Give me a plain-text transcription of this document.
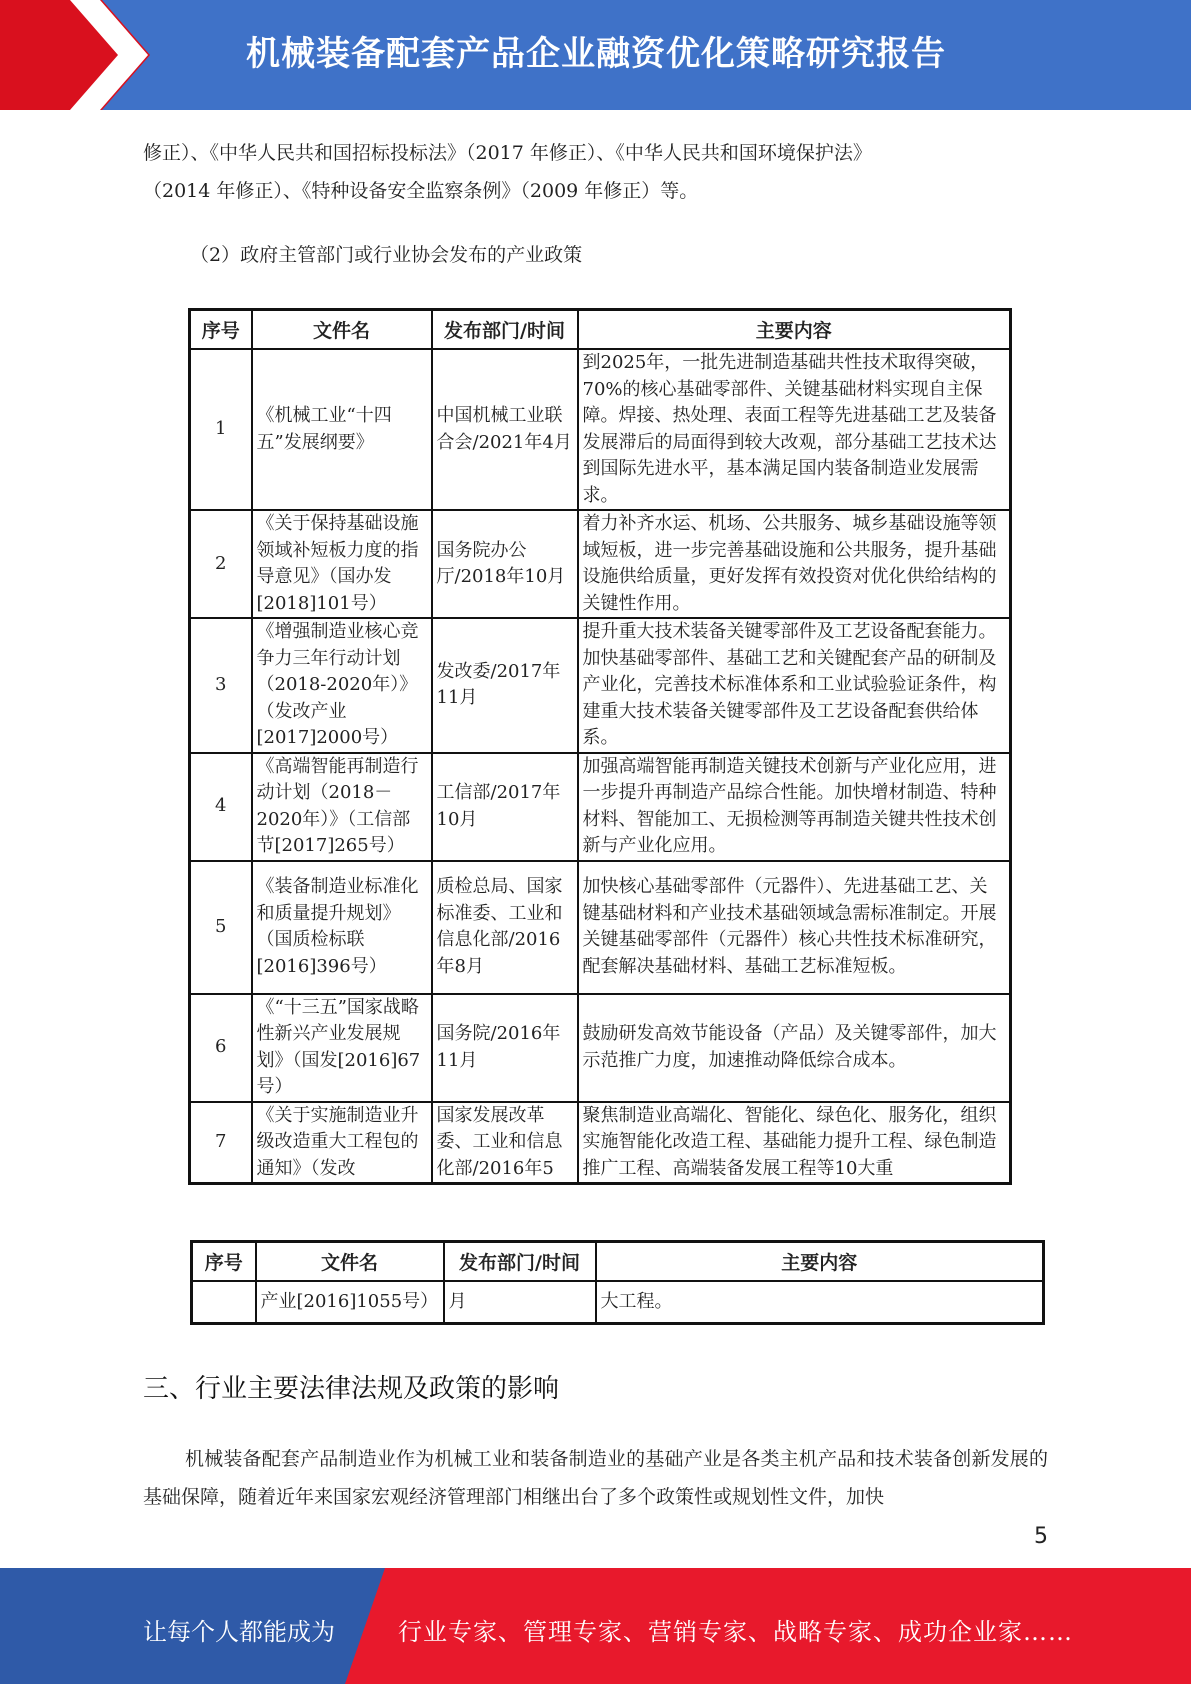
机械装备配套产品企业融资优化策略研究报告
修正）、《中华人民共和国招标投标法》（2017 年修正）、《中华人民共和国环境保护法》
（2014 年修正）、《特种设备安全监察条例》（2009 年修正）等。
（2）政府主管部门或行业协会发布的产业政策
序号	文件名	发布部门/时间	主要内容
1	《机械工业“十四五”发展纲要》	中国机械工业联合会/2021年4月	到2025年，一批先进制造基础共性技术取得突破，70%的核心基础零部件、关键基础材料实现自主保障。焊接、热处理、表面工程等先进基础工艺及装备发展滞后的局面得到较大改观，部分基础工艺技术达到国际先进水平，基本满足国内装备制造业发展需求。
2	《关于保持基础设施领域补短板力度的指导意见》（国办发[2018]101号）	国务院办公厅/2018年10月	着力补齐水运、机场、公共服务、城乡基础设施等领域短板，进一步完善基础设施和公共服务，提升基础设施供给质量，更好发挥有效投资对优化供给结构的关键性作用。
3	《增强制造业核心竞争力三年行动计划（2018-2020年）》（发改产业[2017]2000号）	发改委/2017年11月	提升重大技术装备关键零部件及工艺设备配套能力。加快基础零部件、基础工艺和关键配套产品的研制及产业化，完善技术标准体系和工业试验验证条件，构建重大技术装备关键零部件及工艺设备配套供给体系。
4	《高端智能再制造行动计划（2018－2020年）》（工信部节[2017]265号）	工信部/2017年10月	加强高端智能再制造关键技术创新与产业化应用，进一步提升再制造产品综合性能。加快增材制造、特种材料、智能加工、无损检测等再制造关键共性技术创新与产业化应用。
5	《装备制造业标准化和质量提升规划》（国质检标联[2016]396号）	质检总局、国家标准委、工业和信息化部/2016年8月	加快核心基础零部件（元器件）、先进基础工艺、关键基础材料和产业技术基础领域急需标准制定。开展关键基础零部件（元器件）核心共性技术标准研究，配套解决基础材料、基础工艺标准短板。
6	《“十三五”国家战略性新兴产业发展规划》（国发[2016]67号）	国务院/2016年11月	鼓励研发高效节能设备（产品）及关键零部件，加大示范推广力度，加速推动降低综合成本。
7	《关于实施制造业升级改造重大工程包的通知》（发改	国家发展改革委、工业和信息化部/2016年5	聚焦制造业高端化、智能化、绿色化、服务化，组织实施智能化改造工程、基础能力提升工程、绿色制造推广工程、高端装备发展工程等10大重
序号	文件名	发布部门/时间	主要内容
	产业[2016]1055号）	月	大工程。
三、行业主要法律法规及政策的影响
机械装备配套产品制造业作为机械工业和装备制造业的基础产业是各类主机产品和技术装备创新发展的基础保障，随着近年来国家宏观经济管理部门相继出台了多个政策性或规划性文件，加快
5
让每个人都能成为	行业专家、管理专家、营销专家、战略专家、成功企业家……
